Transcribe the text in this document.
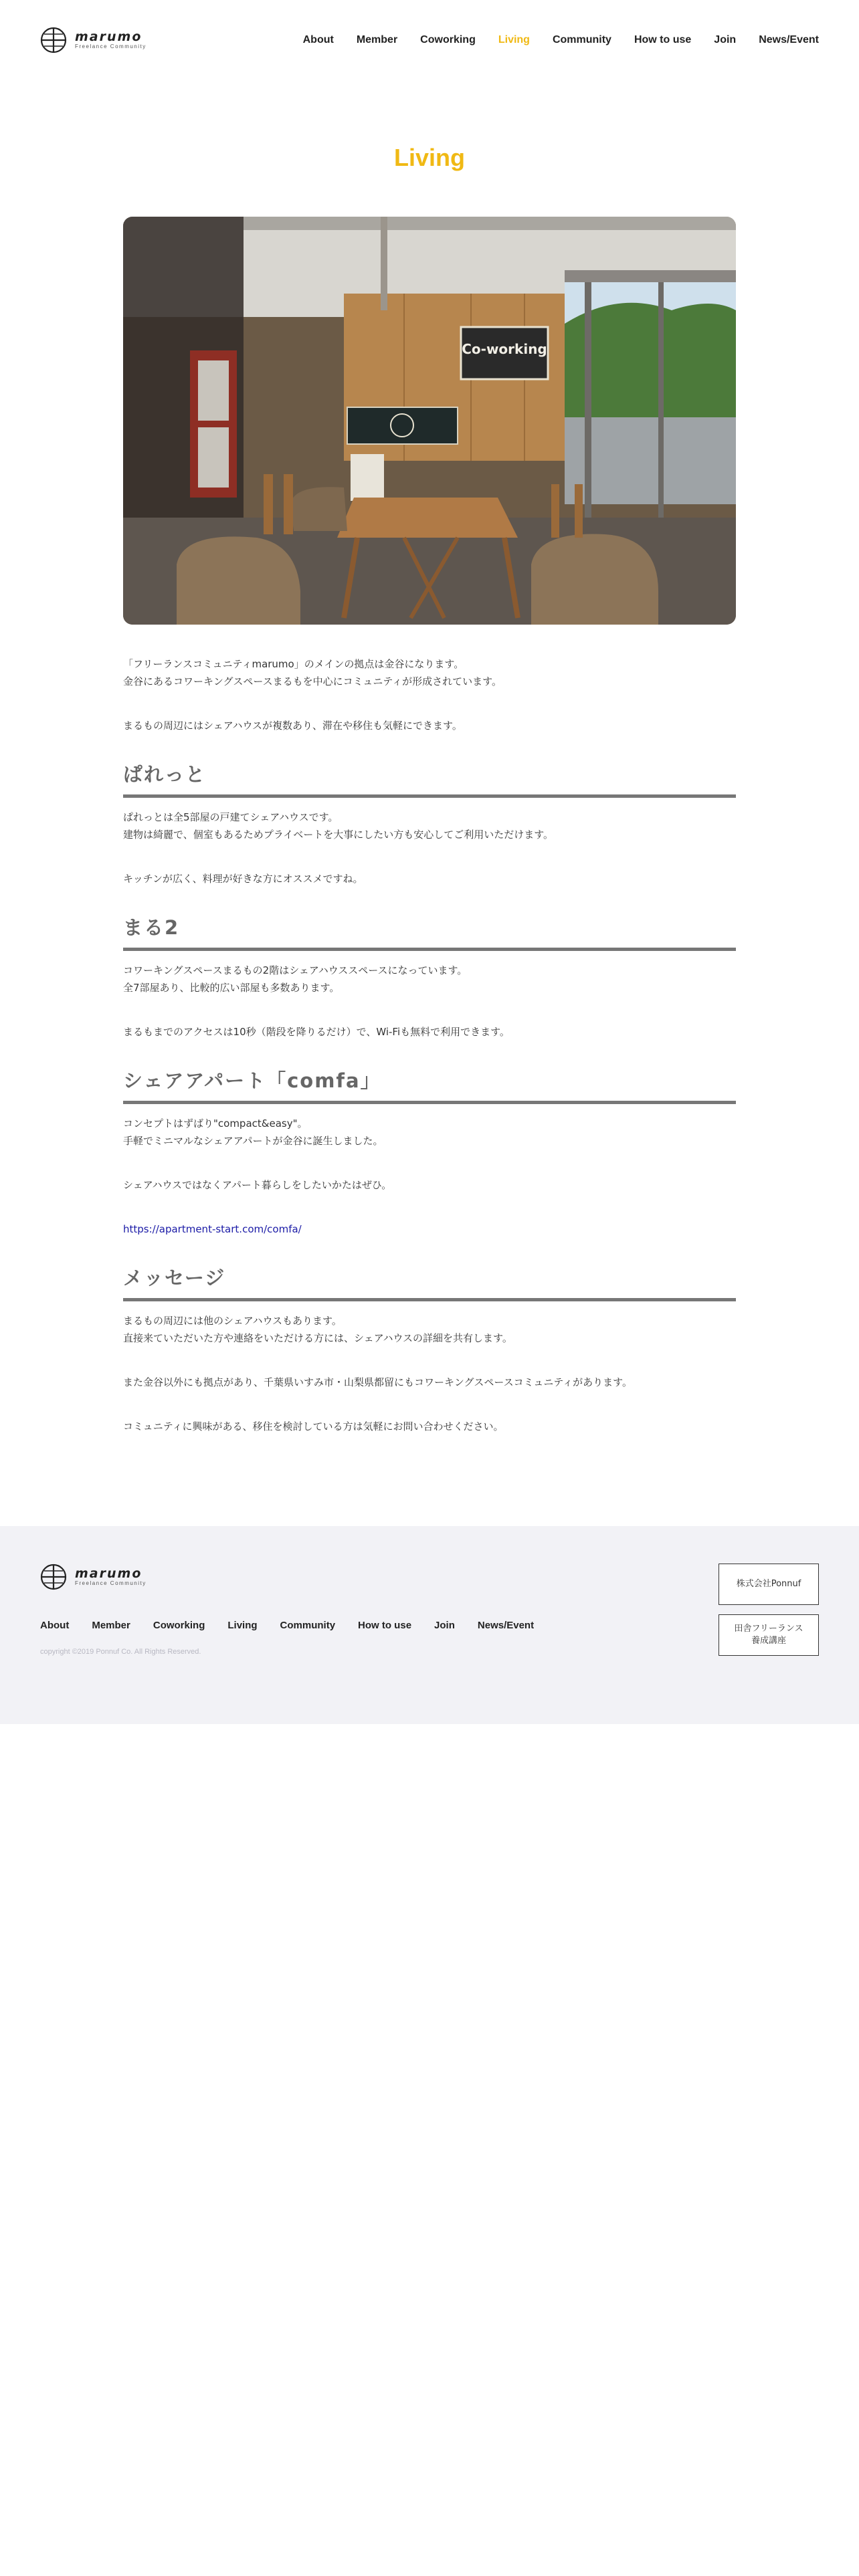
marumo
Freelance Community
About Member Coworking Living Community How to use Join News/Event
Living
Co-working

「フリーランスコミュニティmarumo」のメインの拠点は金谷になります。
金谷にあるコワーキングスペースまるもを中心にコミュニティが形成されています。

まるもの周辺にはシェアハウスが複数あり、滞在や移住も気軽にできます。

ぱれっと

ぱれっとは全5部屋の戸建てシェアハウスです。
建物は綺麗で、個室もあるためプライベートを大事にしたい方も安心してご利用いただけます。

キッチンが広く、料理が好きな方にオススメですね。

まる2

コワーキングスペースまるもの2階はシェアハウススペースになっています。
全7部屋あり、比較的広い部屋も多数あります。

まるもまでのアクセスは10秒（階段を降りるだけ）で、Wi-Fiも無料で利用できます。

シェアアパート「comfa」

コンセプトはずばり"compact&easy"。
手軽でミニマルなシェアアパートが金谷に誕生しました。

シェアハウスではなくアパート暮らしをしたいかたはぜひ。

https://apartment-start.com/comfa/

メッセージ

まるもの周辺には他のシェアハウスもあります。
直接来ていただいた方や連絡をいただける方には、シェアハウスの詳細を共有します。

また金谷以外にも拠点があり、千葉県いすみ市・山梨県都留にもコワーキングスペースコミュニティがあります。

コミュニティに興味がある、移住を検討している方は気軽にお問い合わせください。

marumo
Freelance Community
About Member Coworking Living Community How to use Join News/Event
copyright ©2019 Ponnuf Co. All Rights Reserved.
株式会社Ponnuf
田舎フリーランス
養成講座
